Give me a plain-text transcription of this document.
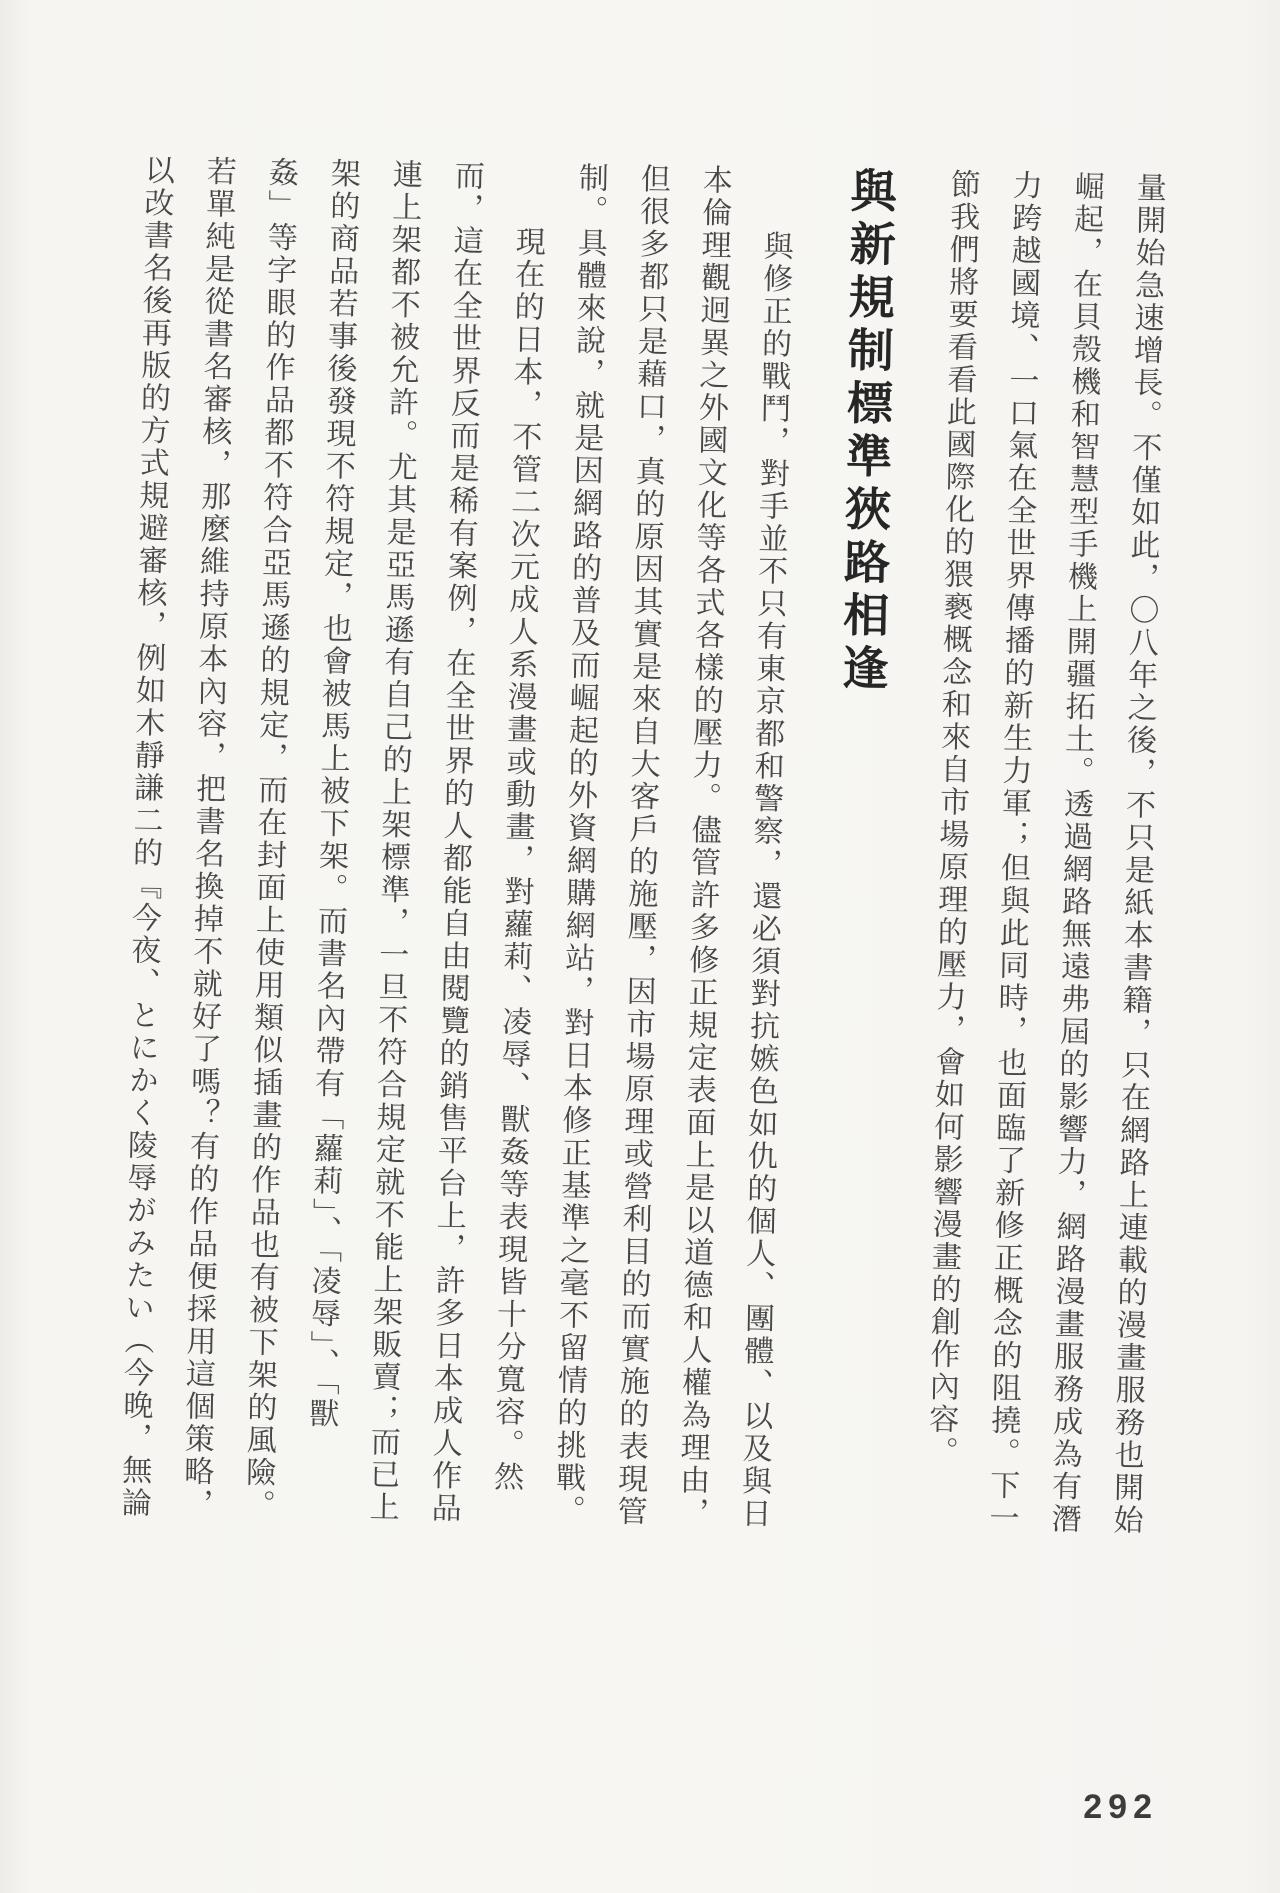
量開始急速增長。不僅如此，〇八年之後，不只是紙本書籍，只在網路上連載的漫畫服務也開始

崛起，在貝殼機和智慧型手機上開疆拓土。透過網路無遠弗屆的影響力，網路漫畫服務成為有潛

力跨越國境、一口氣在全世界傳播的新生力軍；但與此同時，也面臨了新修正概念的阻撓。下一

節我們將要看看此國際化的猥褻概念和來自市場原理的壓力，會如何影響漫畫的創作內容。

與新規制標準狹路相逢

　　與修正的戰鬥，對手並不只有東京都和警察，還必須對抗嫉色如仇的個人、團體、以及與日

本倫理觀迥異之外國文化等各式各樣的壓力。儘管許多修正規定表面上是以道德和人權為理由，

但很多都只是藉口，真的原因其實是來自大客戶的施壓，因市場原理或營利目的而實施的表現管

制。具體來說，就是因網路的普及而崛起的外資網購網站，對日本修正基準之毫不留情的挑戰。

　　現在的日本，不管二次元成人系漫畫或動畫，對蘿莉、凌辱、獸姦等表現皆十分寬容。然

而，這在全世界反而是稀有案例，在全世界的人都能自由閱覽的銷售平台上，許多日本成人作品

連上架都不被允許。尤其是亞馬遜有自己的上架標準，一旦不符合規定就不能上架販賣；而已上

架的商品若事後發現不符規定，也會被馬上被下架。而書名內帶有「蘿莉」、「凌辱」、「獸

姦」等字眼的作品都不符合亞馬遜的規定，而在封面上使用類似插畫的作品也有被下架的風險。

若單純是從書名審核，那麼維持原本內容，把書名換掉不就好了嗎？有的作品便採用這個策略，

以改書名後再版的方式規避審核，例如木靜謙二的『今夜、とにかく陵辱がみたい（今晚，無論

292
